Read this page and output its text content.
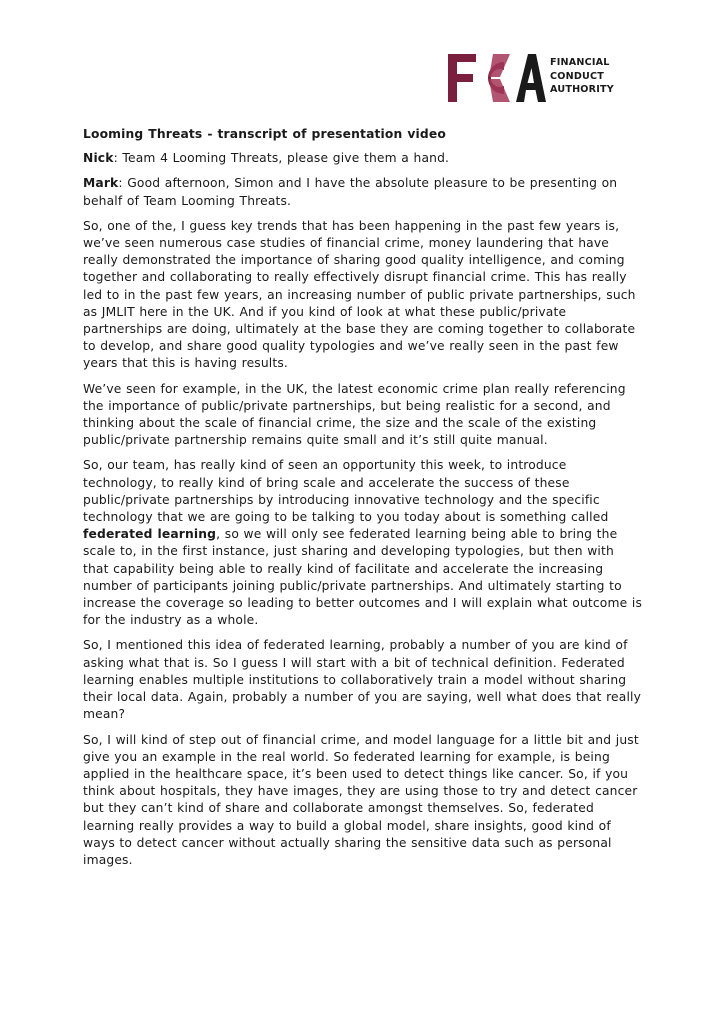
FINANCIAL
CONDUCT
AUTHORITY

Looming Threats - transcript of presentation video

Nick: Team 4 Looming Threats, please give them a hand.

Mark: Good afternoon, Simon and I have the absolute pleasure to be presenting on behalf of Team Looming Threats.

So, one of the, I guess key trends that has been happening in the past few years is, we’ve seen numerous case studies of financial crime, money laundering that have really demonstrated the importance of sharing good quality intelligence, and coming together and collaborating to really effectively disrupt financial crime. This has really led to in the past few years, an increasing number of public private partnerships, such as JMLIT here in the UK. And if you kind of look at what these public/private partnerships are doing, ultimately at the base they are coming together to collaborate to develop, and share good quality typologies and we’ve really seen in the past few years that this is having results.

We’ve seen for example, in the UK, the latest economic crime plan really referencing the importance of public/private partnerships, but being realistic for a second, and thinking about the scale of financial crime, the size and the scale of the existing public/private partnership remains quite small and it’s still quite manual.

So, our team, has really kind of seen an opportunity this week, to introduce technology, to really kind of bring scale and accelerate the success of these public/private partnerships by introducing innovative technology and the specific technology that we are going to be talking to you today about is something called federated learning, so we will only see federated learning being able to bring the scale to, in the first instance, just sharing and developing typologies, but then with that capability being able to really kind of facilitate and accelerate the increasing number of participants joining public/private partnerships. And ultimately starting to increase the coverage so leading to better outcomes and I will explain what outcome is for the industry as a whole.

So, I mentioned this idea of federated learning, probably a number of you are kind of asking what that is. So I guess I will start with a bit of technical definition. Federated learning enables multiple institutions to collaboratively train a model without sharing their local data. Again, probably a number of you are saying, well what does that really mean?

So, I will kind of step out of financial crime, and model language for a little bit and just give you an example in the real world. So federated learning for example, is being applied in the healthcare space, it’s been used to detect things like cancer. So, if you think about hospitals, they have images, they are using those to try and detect cancer but they can’t kind of share and collaborate amongst themselves. So, federated learning really provides a way to build a global model, share insights, good kind of ways to detect cancer without actually sharing the sensitive data such as personal images.
